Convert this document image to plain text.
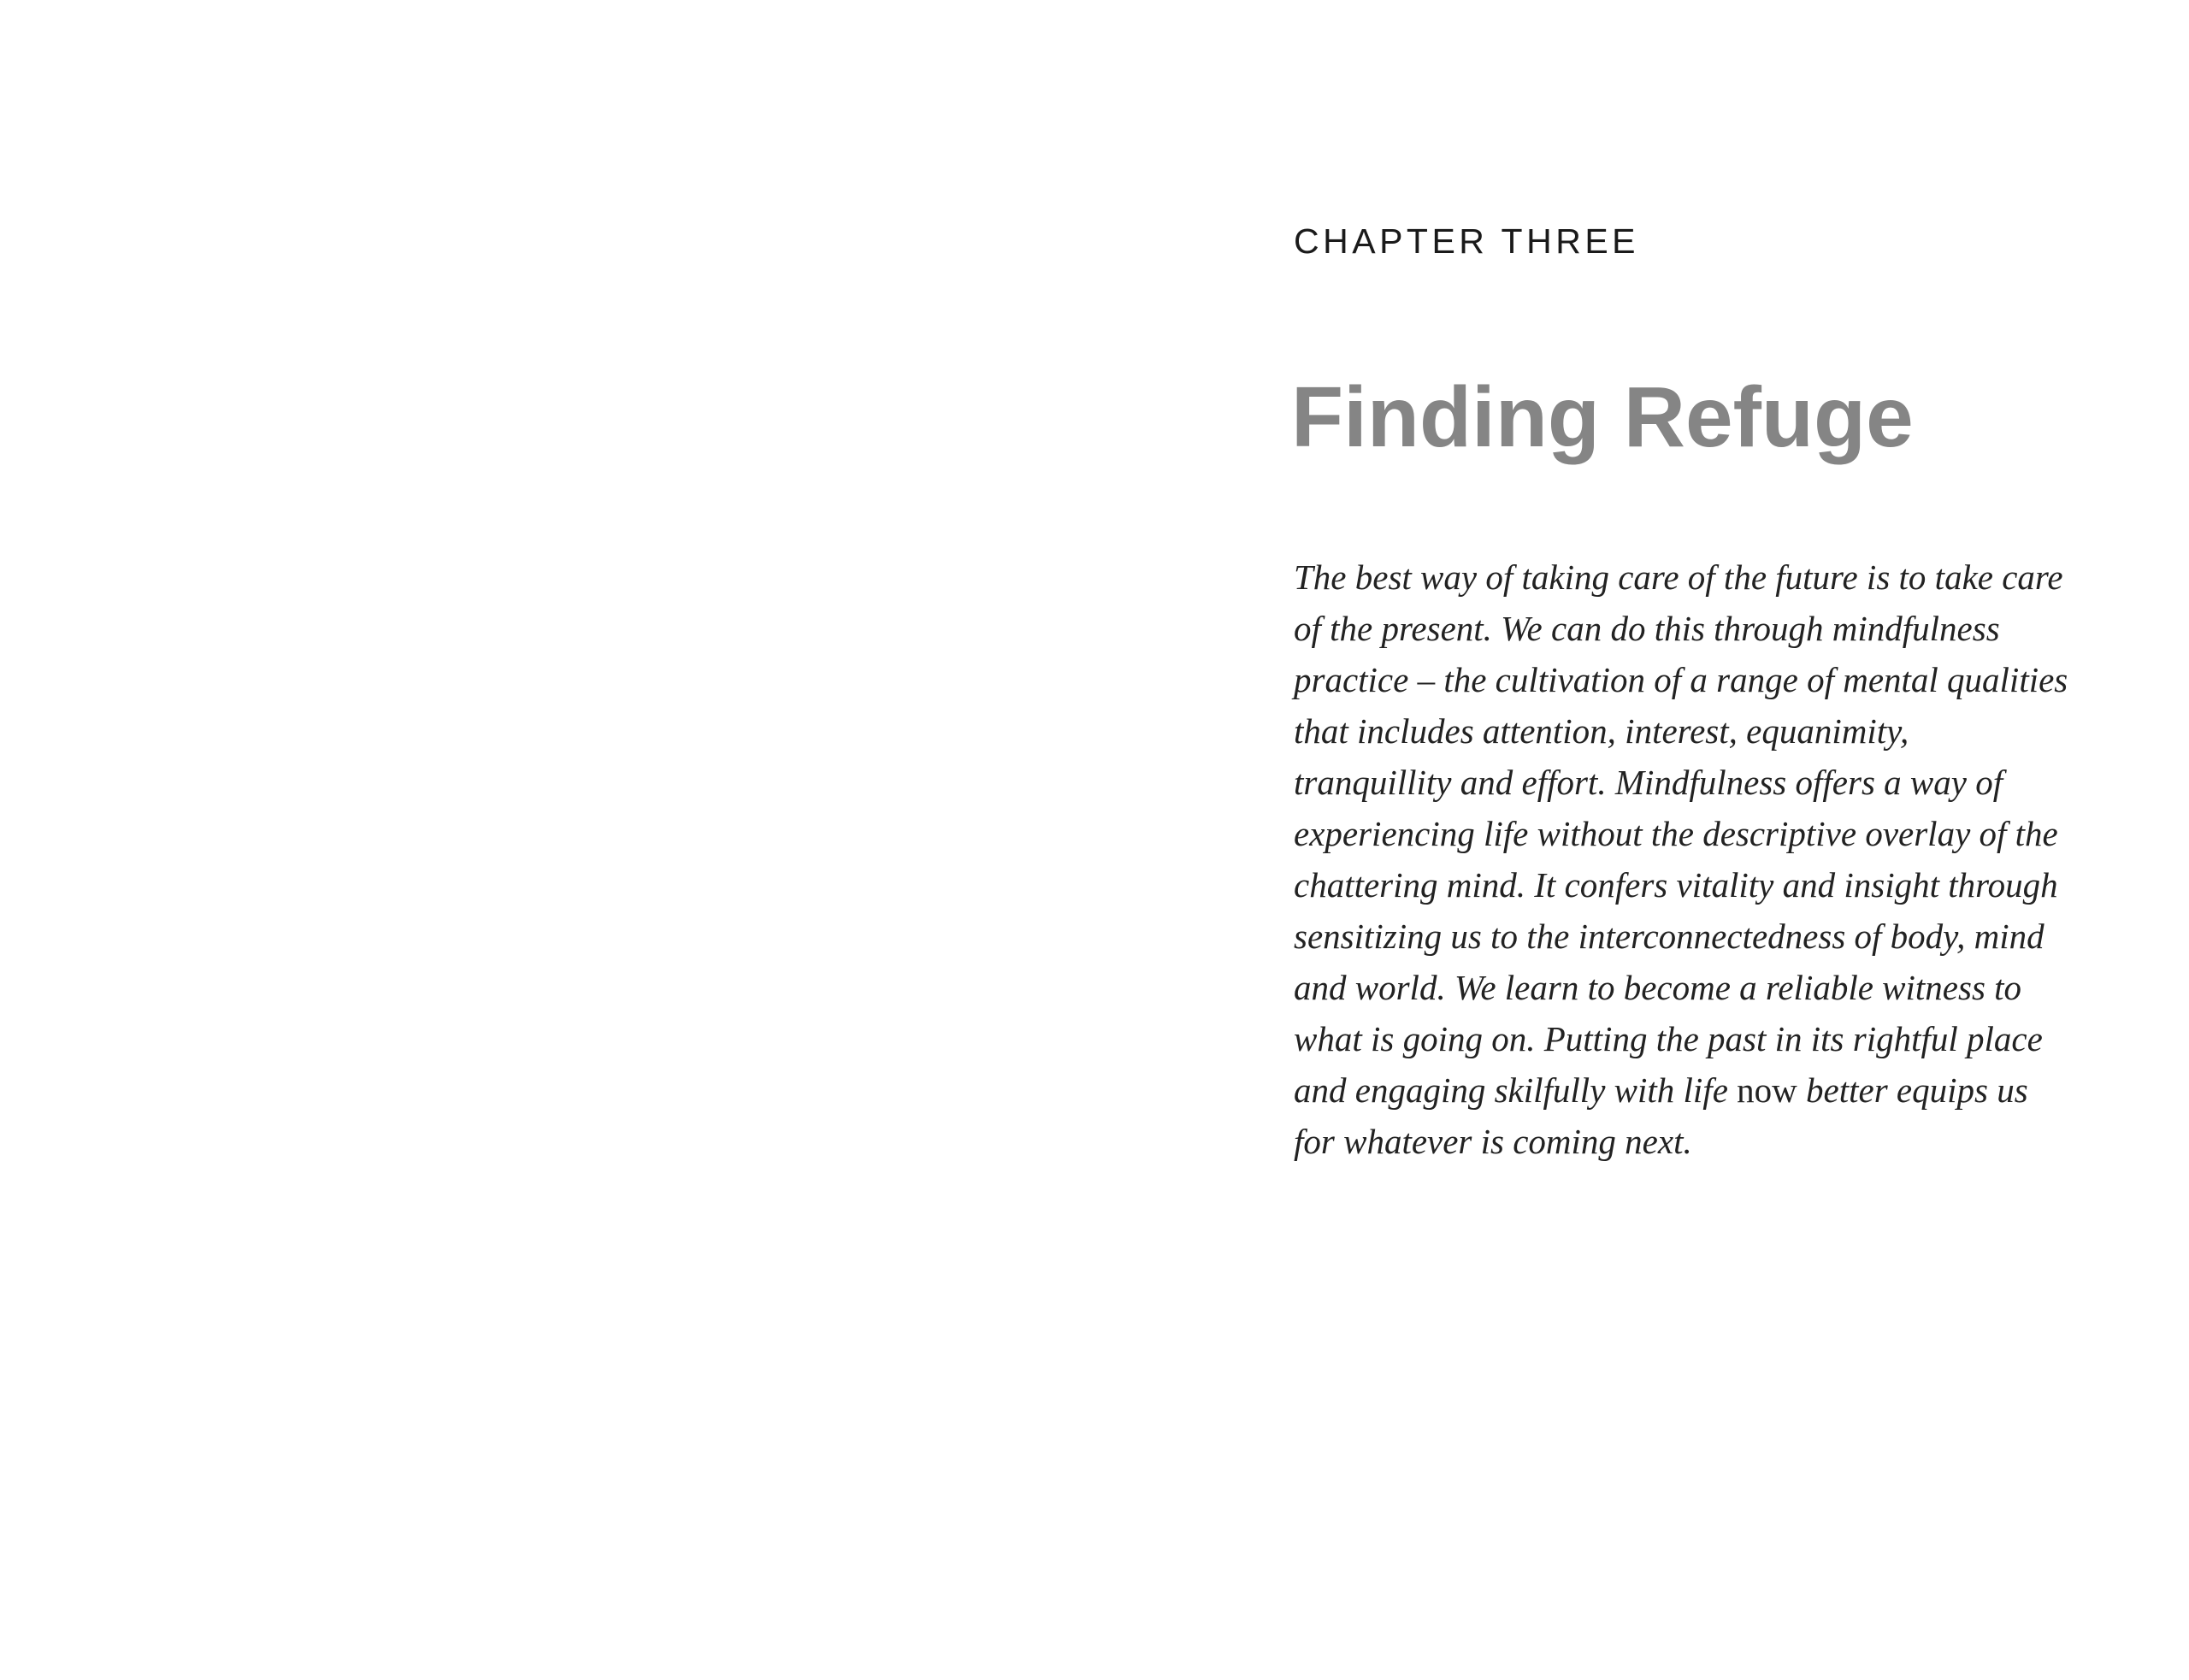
CHAPTER THREE
Finding Refuge

The best way of taking care of the future is to take care
of the present. We can do this through mindfulness
practice – the cultivation of a range of mental qualities
that includes attention, interest, equanimity,
tranquillity and effort. Mindfulness offers a way of
experiencing life without the descriptive overlay of the
chattering mind. It confers vitality and insight through
sensitizing us to the interconnectedness of body, mind
and world. We learn to become a reliable witness to
what is going on. Putting the past in its rightful place
and engaging skilfully with life now better equips us
for whatever is coming next.
